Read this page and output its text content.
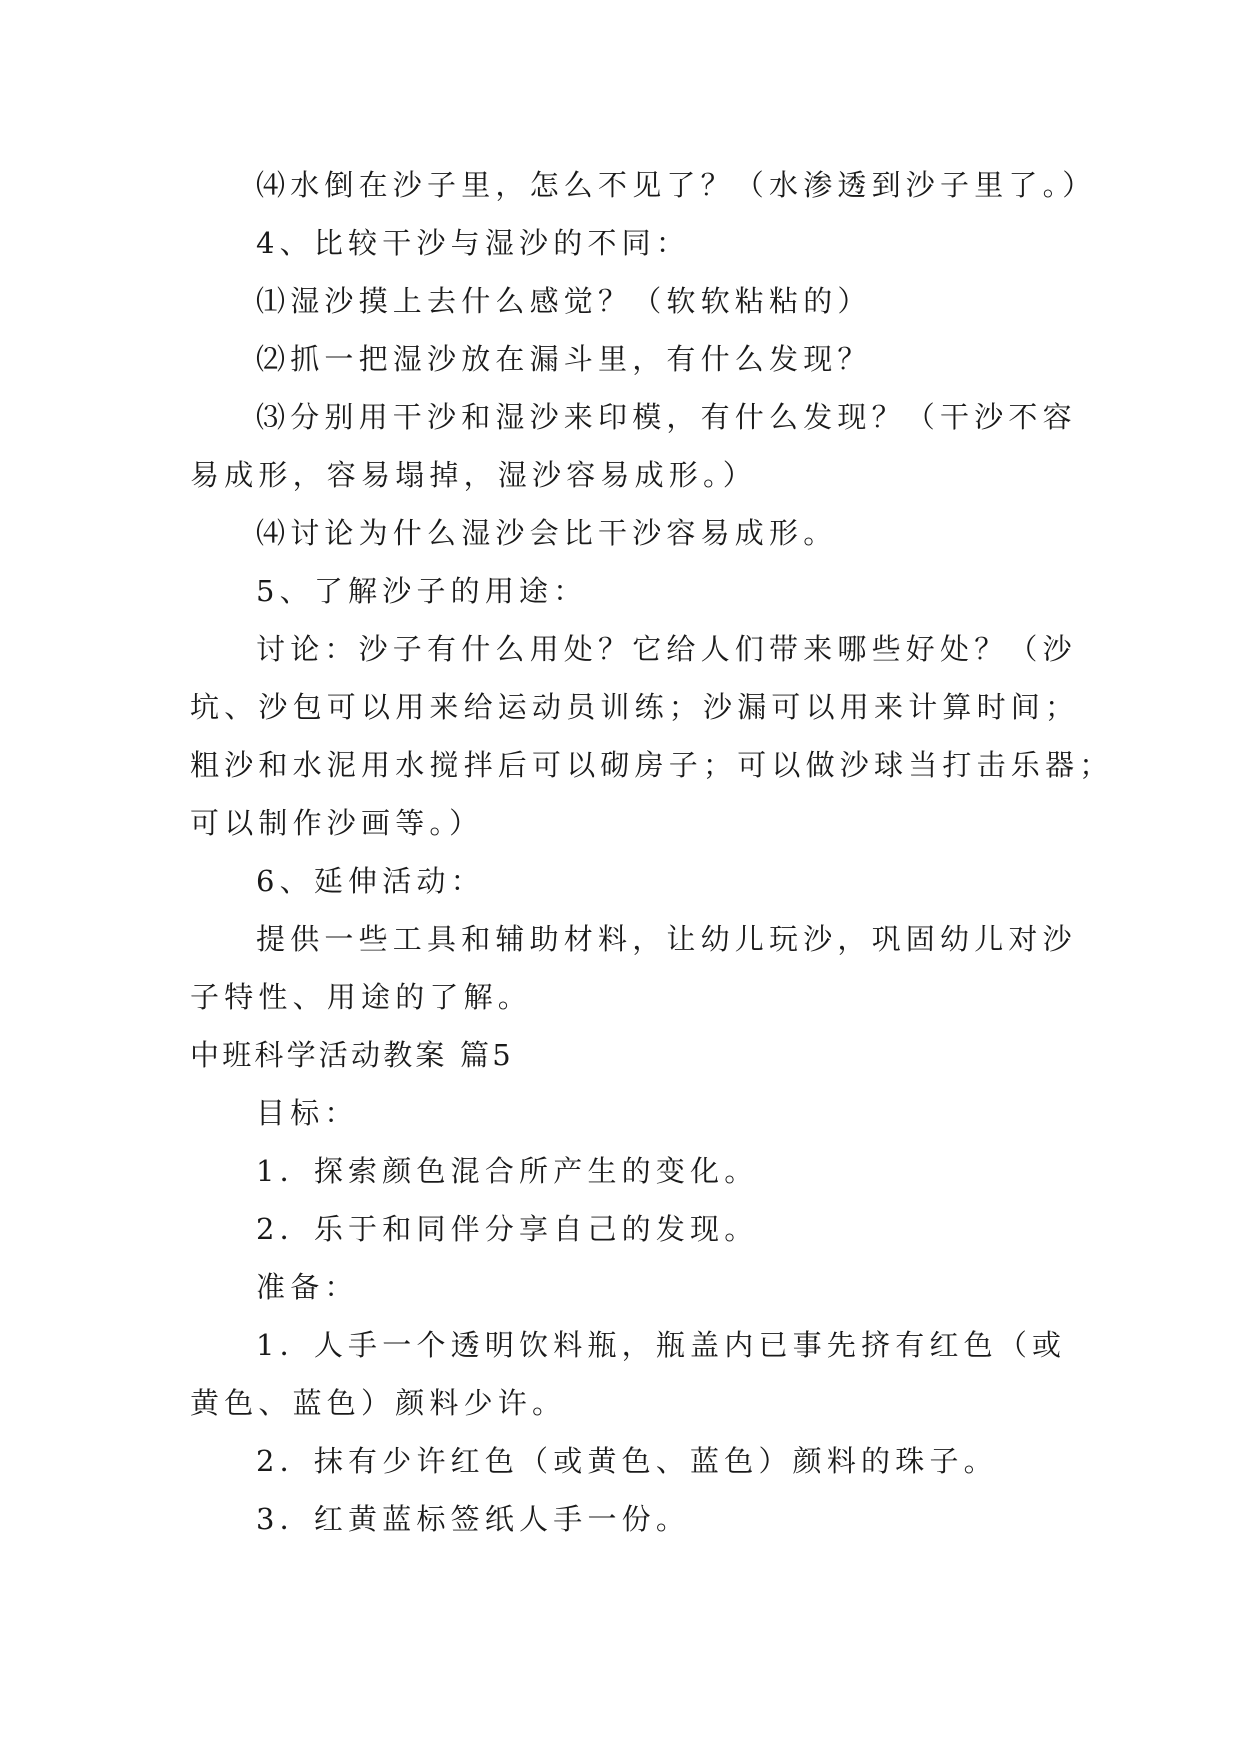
⑷水倒在沙子里，怎么不见了？（水渗透到沙子里了。）
4、比较干沙与湿沙的不同：
⑴湿沙摸上去什么感觉？（软软粘粘的）
⑵抓一把湿沙放在漏斗里，有什么发现？
⑶分别用干沙和湿沙来印模，有什么发现？（干沙不容
易成形，容易塌掉，湿沙容易成形。）
⑷讨论为什么湿沙会比干沙容易成形。
5、了解沙子的用途：
讨论：沙子有什么用处？它给人们带来哪些好处？（沙
坑、沙包可以用来给运动员训练；沙漏可以用来计算时间；
粗沙和水泥用水搅拌后可以砌房子；可以做沙球当打击乐器；
可以制作沙画等。）
6、延伸活动：
提供一些工具和辅助材料，让幼儿玩沙，巩固幼儿对沙
子特性、用途的了解。
中班科学活动教案 篇5
目标：
1．探索颜色混合所产生的变化。
2．乐于和同伴分享自己的发现。
准备：
1．人手一个透明饮料瓶，瓶盖内已事先挤有红色（或
黄色、蓝色）颜料少许。
2．抹有少许红色（或黄色、蓝色）颜料的珠子。
3．红黄蓝标签纸人手一份。
